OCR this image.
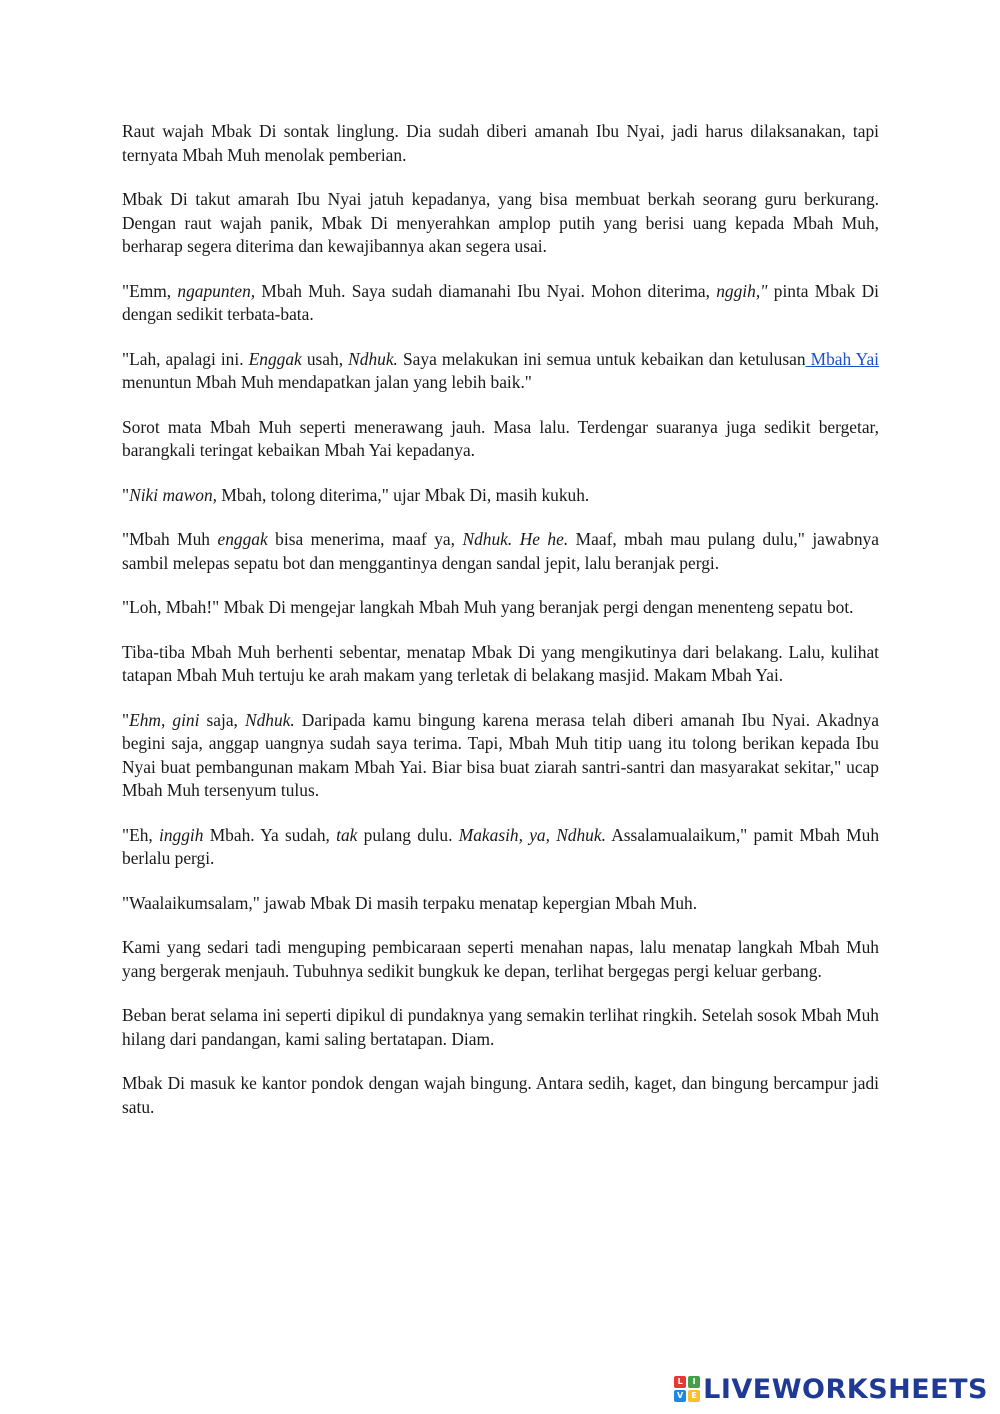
Raut wajah Mbak Di sontak linglung. Dia sudah diberi amanah Ibu Nyai, jadi harus dilaksanakan, tapi ternyata Mbah Muh menolak pemberian.

Mbak Di takut amarah Ibu Nyai jatuh kepadanya, yang bisa membuat berkah seorang guru berkurang. Dengan raut wajah panik, Mbak Di menyerahkan amplop putih yang berisi uang kepada Mbah Muh, berharap segera diterima dan kewajibannya akan segera usai.

"Emm, ngapunten, Mbah Muh. Saya sudah diamanahi Ibu Nyai. Mohon diterima, nggih," pinta Mbak Di dengan sedikit terbata-bata.

"Lah, apalagi ini. Enggak usah, Ndhuk. Saya melakukan ini semua untuk kebaikan dan ketulusan Mbah Yai menuntun Mbah Muh mendapatkan jalan yang lebih baik."

Sorot mata Mbah Muh seperti menerawang jauh. Masa lalu. Terdengar suaranya juga sedikit bergetar, barangkali teringat kebaikan Mbah Yai kepadanya.

"Niki mawon, Mbah, tolong diterima," ujar Mbak Di, masih kukuh.

"Mbah Muh enggak bisa menerima, maaf ya, Ndhuk. He he. Maaf, mbah mau pulang dulu," jawabnya sambil melepas sepatu bot dan menggantinya dengan sandal jepit, lalu beranjak pergi.

"Loh, Mbah!" Mbak Di mengejar langkah Mbah Muh yang beranjak pergi dengan menenteng sepatu bot.

Tiba-tiba Mbah Muh berhenti sebentar, menatap Mbak Di yang mengikutinya dari belakang. Lalu, kulihat tatapan Mbah Muh tertuju ke arah makam yang terletak di belakang masjid. Makam Mbah Yai.

"Ehm, gini saja, Ndhuk. Daripada kamu bingung karena merasa telah diberi amanah Ibu Nyai. Akadnya begini saja, anggap uangnya sudah saya terima. Tapi, Mbah Muh titip uang itu tolong berikan kepada Ibu Nyai buat pembangunan makam Mbah Yai. Biar bisa buat ziarah santri-santri dan masyarakat sekitar," ucap Mbah Muh tersenyum tulus.

"Eh, inggih Mbah. Ya sudah, tak pulang dulu. Makasih, ya, Ndhuk. Assalamualaikum," pamit Mbah Muh berlalu pergi.

"Waalaikumsalam," jawab Mbak Di masih terpaku menatap kepergian Mbah Muh.

Kami yang sedari tadi menguping pembicaraan seperti menahan napas, lalu menatap langkah Mbah Muh yang bergerak menjauh. Tubuhnya sedikit bungkuk ke depan, terlihat bergegas pergi keluar gerbang.

Beban berat selama ini seperti dipikul di pundaknya yang semakin terlihat ringkih. Setelah sosok Mbah Muh hilang dari pandangan, kami saling bertatapan. Diam.

Mbak Di masuk ke kantor pondok dengan wajah bingung. Antara sedih, kaget, dan bingung bercampur jadi satu.

L	I
V	E LIVEWORKSHEETS
